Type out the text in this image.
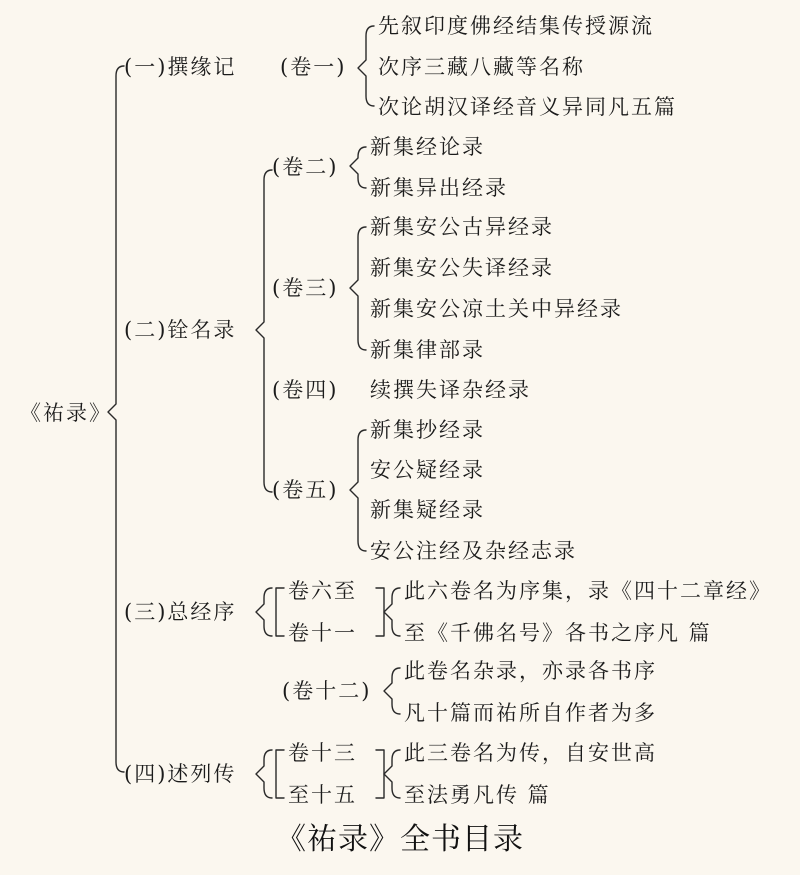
《祐录》
(一)撰缘记 (卷一)
先叙印度佛经结集传授源流
次序三藏八藏等名称
次论胡汉译经音义异同凡五篇
(二)铨名录
(卷二)
新集经论录
新集异出经录
(卷三)
新集安公古异经录
新集安公失译经录
新集安公凉土关中异经录
新集律部录
(卷四) 续撰失译杂经录
(卷五)
新集抄经录
安公疑经录
新集疑经录
安公注经及杂经志录
(三)总经序
卷六至
卷十一
此六卷名为序集，录《四十二章经》
至《千佛名号》各书之序凡 篇
(卷十二)
此卷名杂录，亦录各书序
凡十篇而祐所自作者为多
(四)述列传
卷十三
至十五
此三卷名为传，自安世高
至法勇凡传 篇
《祐录》全书目录
